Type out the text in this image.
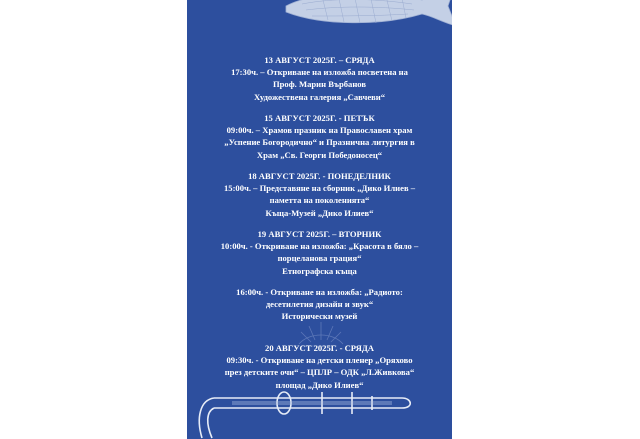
13 АВГУСТ 2025Г. – СРЯДА
17:30ч. – Откриване на изложба посветена на
Проф. Марин Върбанов
Художествена галерия „Савчеви“
15 АВГУСТ 2025Г. - ПЕТЪК
09:00ч. – Храмов празник на Православен храм
„Успение Богородично“ и Празнична литургия в
Храм „Св. Георги Победоносец“
18 АВГУСТ 2025Г. - ПОНЕДЕЛНИК
15:00ч. – Представяне на сборник „Дико Илиев –
паметта на поколенията“
Къща-Музей „Дико Илиев“
19 АВГУСТ 2025Г. – ВТОРНИК
10:00ч. - Откриване на изложба: „Красота в бяло –
порцеланова грация“
Етнографска къща
16:00ч. - Откриване на изложба: „Радиото:
десетилетия дизайн и звук“
Исторически музей
20 АВГУСТ 2025Г. - СРЯДА
09:30ч. - Откриване на детски пленер „Оряхово
през детските очи“ – ЦПЛР – ОДК „Л.Живкова“
площад „Дико Илиев“
